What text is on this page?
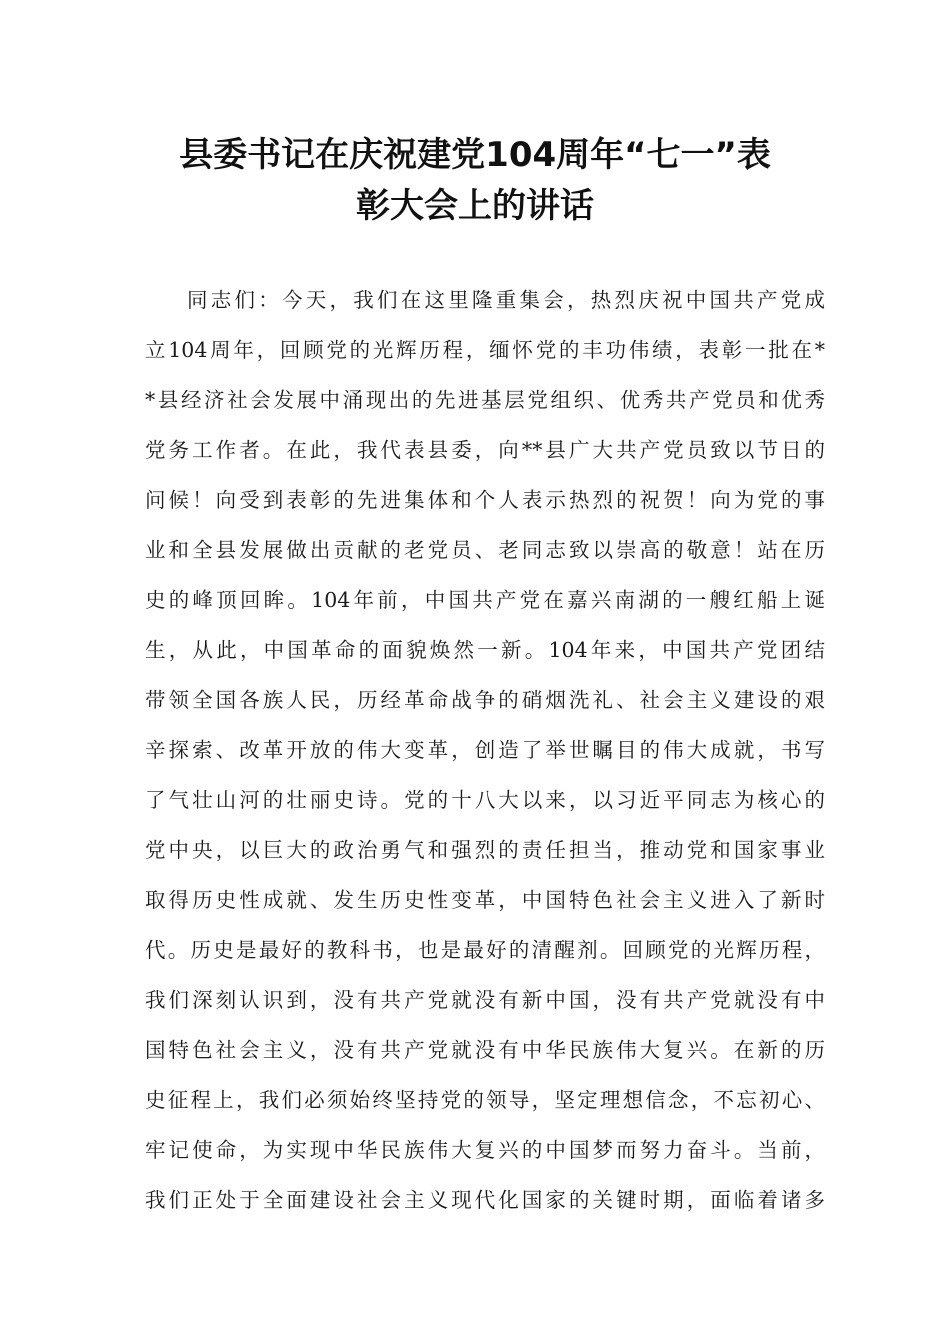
县委书记在庆祝建党104周年“七一”表
彰大会上的讲话
同志们：今天，我们在这里隆重集会，热烈庆祝中国共产党成
立104周年，回顾党的光辉历程，缅怀党的丰功伟绩，表彰一批在*
*县经济社会发展中涌现出的先进基层党组织、优秀共产党员和优秀
党务工作者。在此，我代表县委，向**县广大共产党员致以节日的
问候！向受到表彰的先进集体和个人表示热烈的祝贺！向为党的事
业和全县发展做出贡献的老党员、老同志致以崇高的敬意！站在历
史的峰顶回眸。104年前，中国共产党在嘉兴南湖的一艘红船上诞
生，从此，中国革命的面貌焕然一新。104年来，中国共产党团结
带领全国各族人民，历经革命战争的硝烟洗礼、社会主义建设的艰
辛探索、改革开放的伟大变革，创造了举世瞩目的伟大成就，书写
了气壮山河的壮丽史诗。党的十八大以来，以习近平同志为核心的
党中央，以巨大的政治勇气和强烈的责任担当，推动党和国家事业
取得历史性成就、发生历史性变革，中国特色社会主义进入了新时
代。历史是最好的教科书，也是最好的清醒剂。回顾党的光辉历程，
我们深刻认识到，没有共产党就没有新中国，没有共产党就没有中
国特色社会主义，没有共产党就没有中华民族伟大复兴。在新的历
史征程上，我们必须始终坚持党的领导，坚定理想信念，不忘初心、
牢记使命，为实现中华民族伟大复兴的中国梦而努力奋斗。当前，
我们正处于全面建设社会主义现代化国家的关键时期，面临着诸多
